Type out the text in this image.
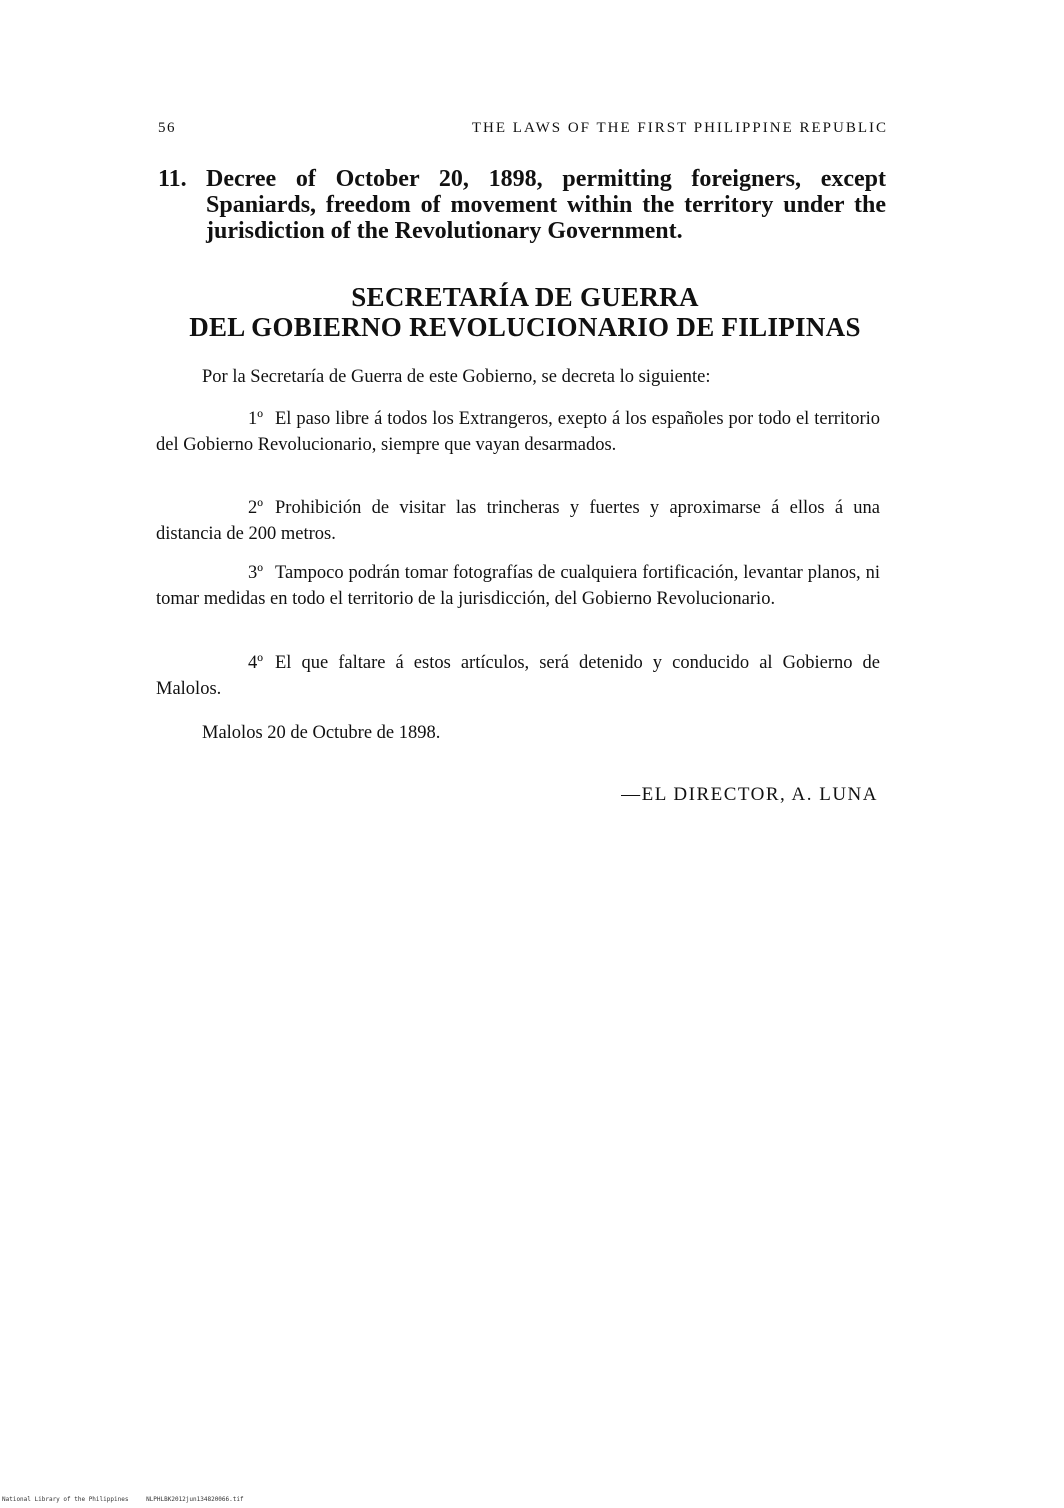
56	THE LAWS OF THE FIRST PHILIPPINE REPUBLIC
11. Decree of October 20, 1898, permitting foreigners, except Spaniards, freedom of movement within the territory under the jurisdiction of the Revolutionary Government.
SECRETARÍA DE GUERRA
DEL GOBIERNO REVOLUCIONARIO DE FILIPINAS

Por la Secretaría de Guerra de este Gobierno, se decreta lo siguiente:

1º El paso libre á todos los Extrangeros, exepto á los españoles por todo el territorio del Gobierno Revolucionario, siempre que vayan desarmados.

2º Prohibición de visitar las trincheras y fuertes y aproximarse á ellos á una distancia de 200 metros.

3º Tampoco podrán tomar fotografías de cualquiera fortificación, levantar planos, ni tomar medidas en todo el territorio de la jurisdicción, del Gobierno Revolucionario.

4º El que faltare á estos artículos, será detenido y conducido al Gobierno de Malolos.

Malolos 20 de Octubre de 1898.
—EL DIRECTOR, A. LUNA
National Library of the Philippines	NLPHLBK2012jun134820066.tif
